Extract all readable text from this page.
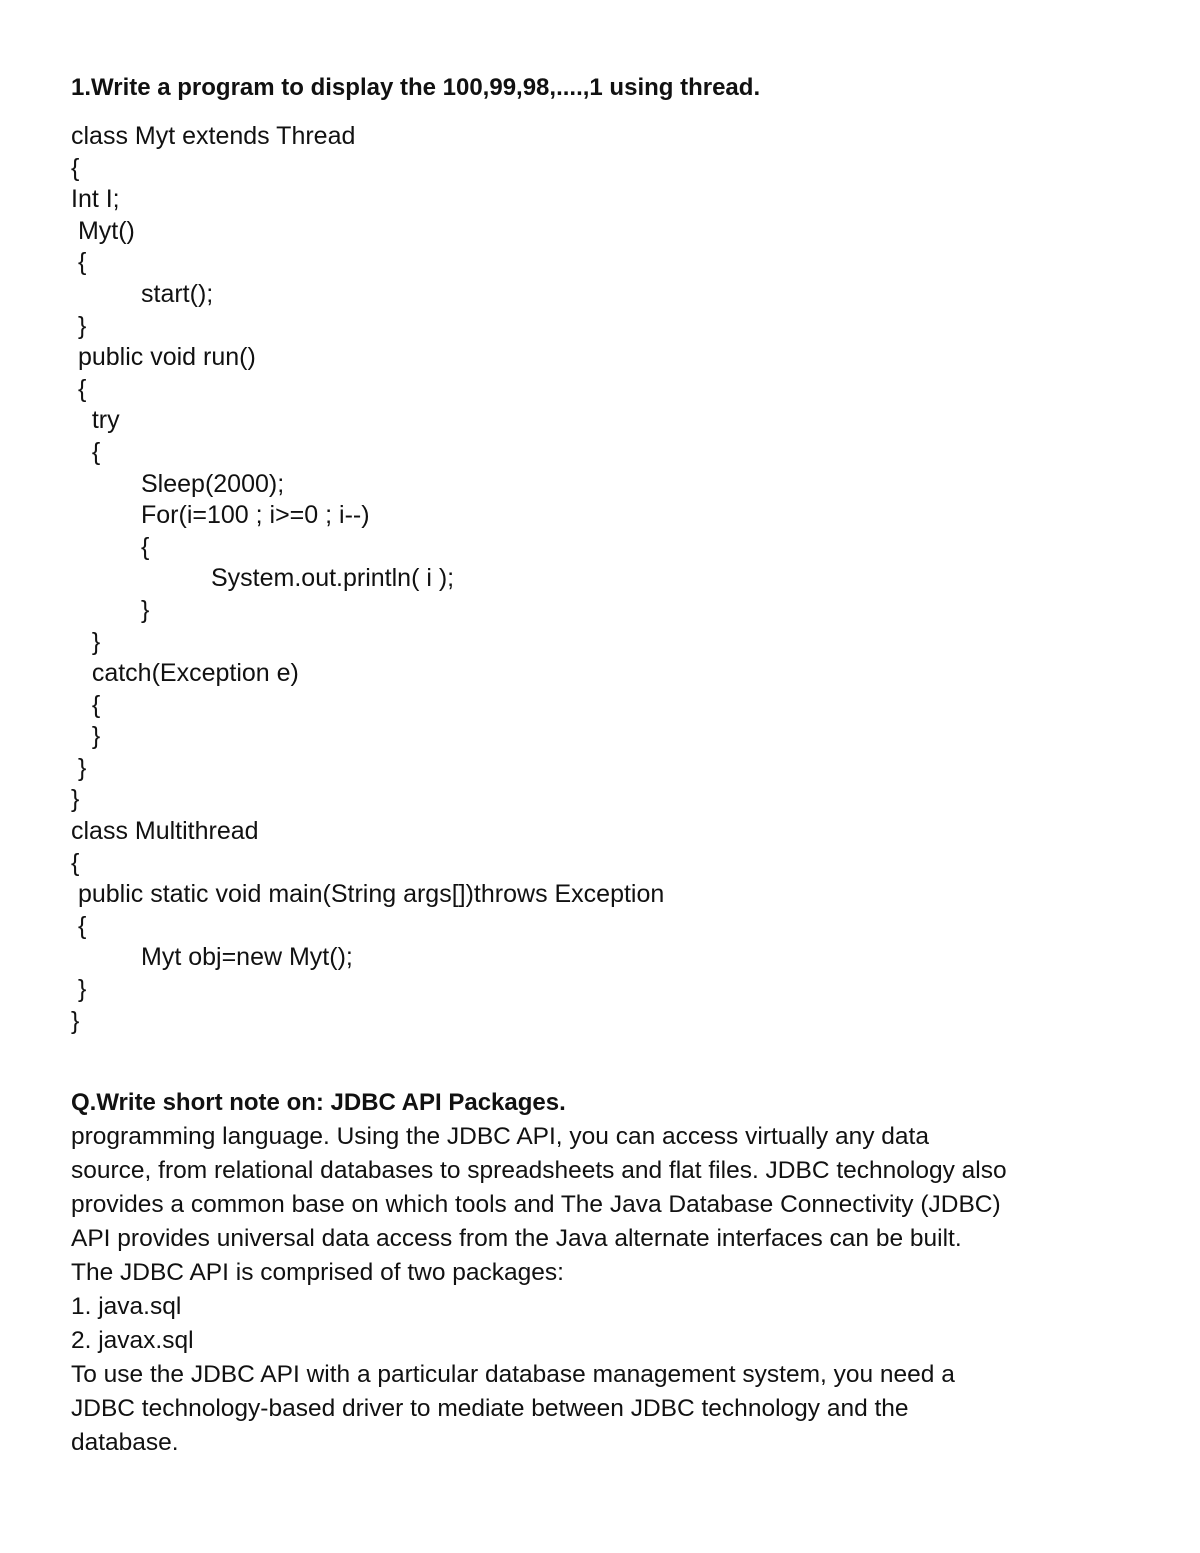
1.Write a program to display the 100,99,98,....,1 using thread.
class Myt extends Thread
{
Int I;
Myt()
{
start();
}
public void run()
{
try
{
Sleep(2000);
For(i=100 ; i>=0 ; i--)
{
System.out.println( i );
}
}
catch(Exception e)
{
}
}
}
class Multithread
{
public static void main(String args[])throws Exception
{
Myt obj=new Myt();
}
}
Q.Write short note on: JDBC API Packages.
programming language. Using the JDBC API, you can access virtually any data
source, from relational databases to spreadsheets and flat files. JDBC technology also
provides a common base on which tools and The Java Database Connectivity (JDBC)
API provides universal data access from the Java alternate interfaces can be built.
The JDBC API is comprised of two packages:
1. java.sql
2. javax.sql
To use the JDBC API with a particular database management system, you need a
JDBC technology-based driver to mediate between JDBC technology and the
database.
